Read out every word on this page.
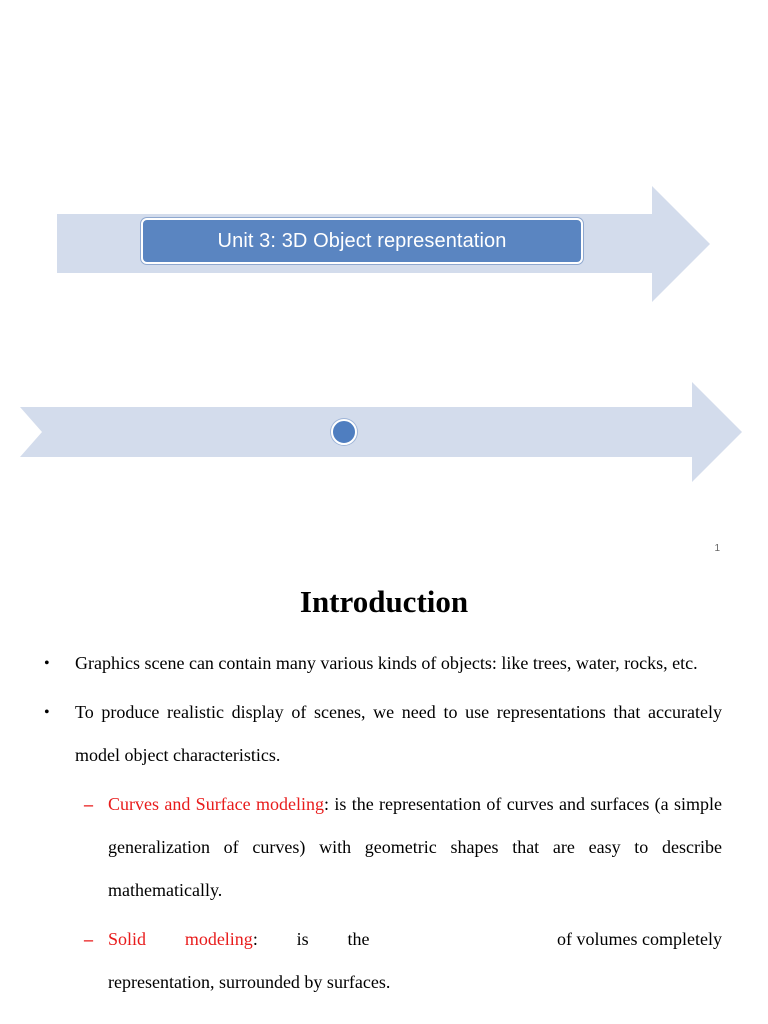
Unit 3: 3D Object representation
1
Introduction
• Graphics scene can contain many various kinds of objects: like trees, water, rocks, etc.
• To produce realistic display of scenes, we need to use representations that accurately model object characteristics.
– Curves and Surface modeling: is the representation of curves and surfaces (a simple generalization of curves) with geometric shapes that are easy to describe mathematically.
– Solid modeling: is the	of volumes completely
representation, surrounded by surfaces.
